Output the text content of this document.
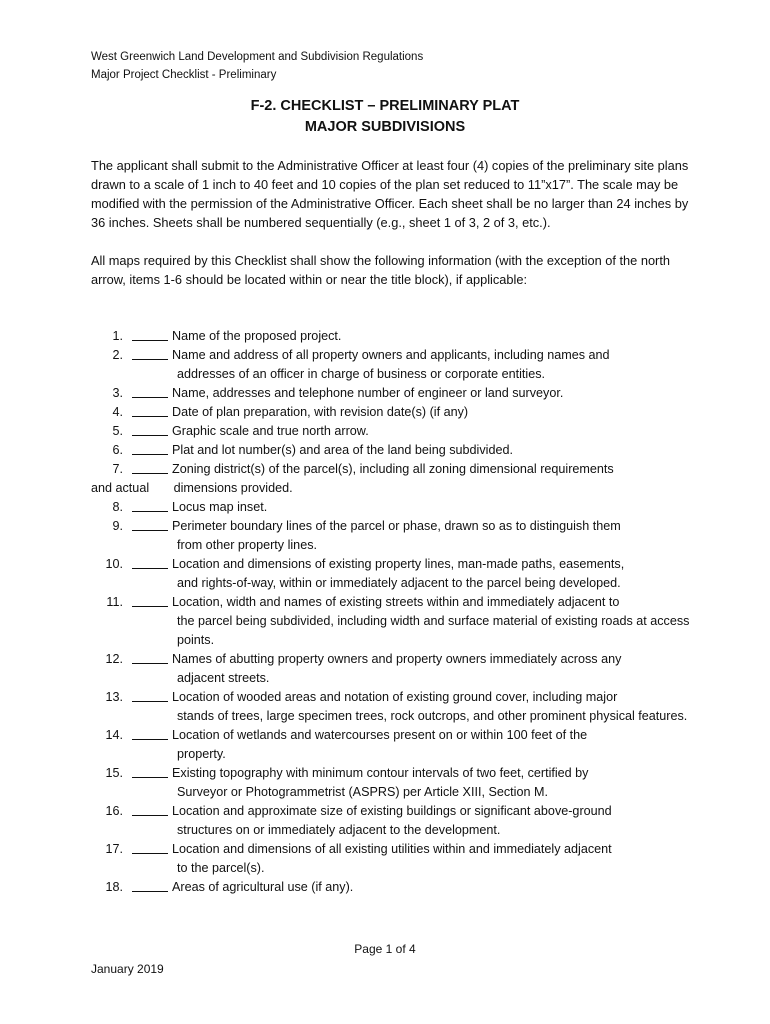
West Greenwich Land Development and Subdivision Regulations
Major Project Checklist - Preliminary
F-2. CHECKLIST – PRELIMINARY PLAT
MAJOR SUBDIVISIONS

The applicant shall submit to the Administrative Officer at least four (4) copies of the preliminary site plans drawn to a scale of 1 inch to 40 feet and 10 copies of the plan set reduced to 11”x17”. The scale may be modified with the permission of the Administrative Officer. Each sheet shall be no larger than 24 inches by 36 inches. Sheets shall be numbered sequentially (e.g., sheet 1 of 3, 2 of 3, etc.).

All maps required by this Checklist shall show the following information (with the exception of the north arrow, items 1-6 should be located within or near the title block), if applicable:

1.	Name of the proposed project.
2.	Name and address of all property owners and applicants, including names and
addresses of an officer in charge of business or corporate entities.
3.	Name, addresses and telephone number of engineer or land surveyor.
4.	Date of plan preparation, with revision date(s) (if any)
5.	Graphic scale and true north arrow.
6.	Plat and lot number(s) and area of the land being subdivided.
7.	Zoning district(s) of the parcel(s), including all zoning dimensional requirements
and actual       dimensions provided.
8.	Locus map inset.
9.	Perimeter boundary lines of the parcel or phase, drawn so as to distinguish them
from other property lines.
10.	Location and dimensions of existing property lines, man-made paths, easements,
and rights-of-way, within or immediately adjacent to the parcel being developed.
11.	Location, width and names of existing streets within and immediately adjacent to
the parcel being subdivided, including width and surface material of existing roads at access points.
12.	Names of abutting property owners and property owners immediately across any
adjacent streets.
13.	Location of wooded areas and notation of existing ground cover, including major
stands of trees, large specimen trees, rock outcrops, and other prominent physical features.
14.	Location of wetlands and watercourses present on or within 100 feet of the
property.
15.	Existing topography with minimum contour intervals of two feet, certified by
Surveyor or Photogrammetrist (ASPRS) per Article XIII, Section M.
16.	Location and approximate size of existing buildings or significant above-ground
structures on or immediately adjacent to the development.
17.	Location and dimensions of all existing utilities within and immediately adjacent
to the parcel(s).
18.	Areas of agricultural use (if any).
Page 1 of 4
January 2019
